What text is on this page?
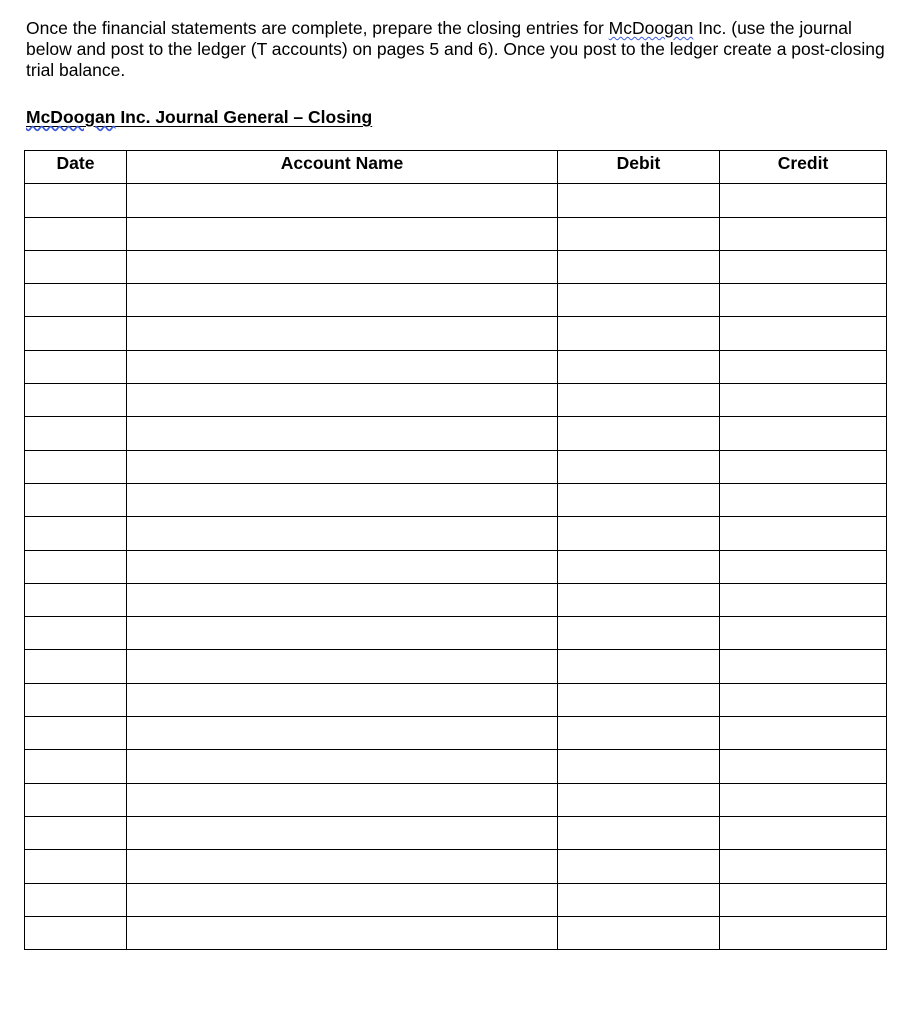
Once the financial statements are complete, prepare the closing entries for McDoogan Inc. (use the journal below and post to the ledger (T accounts) on pages 5 and 6). Once you post to the ledger create a post-closing trial balance.

McDoogan Inc. Journal General – Closing
Date	Account Name	Debit	Credit
